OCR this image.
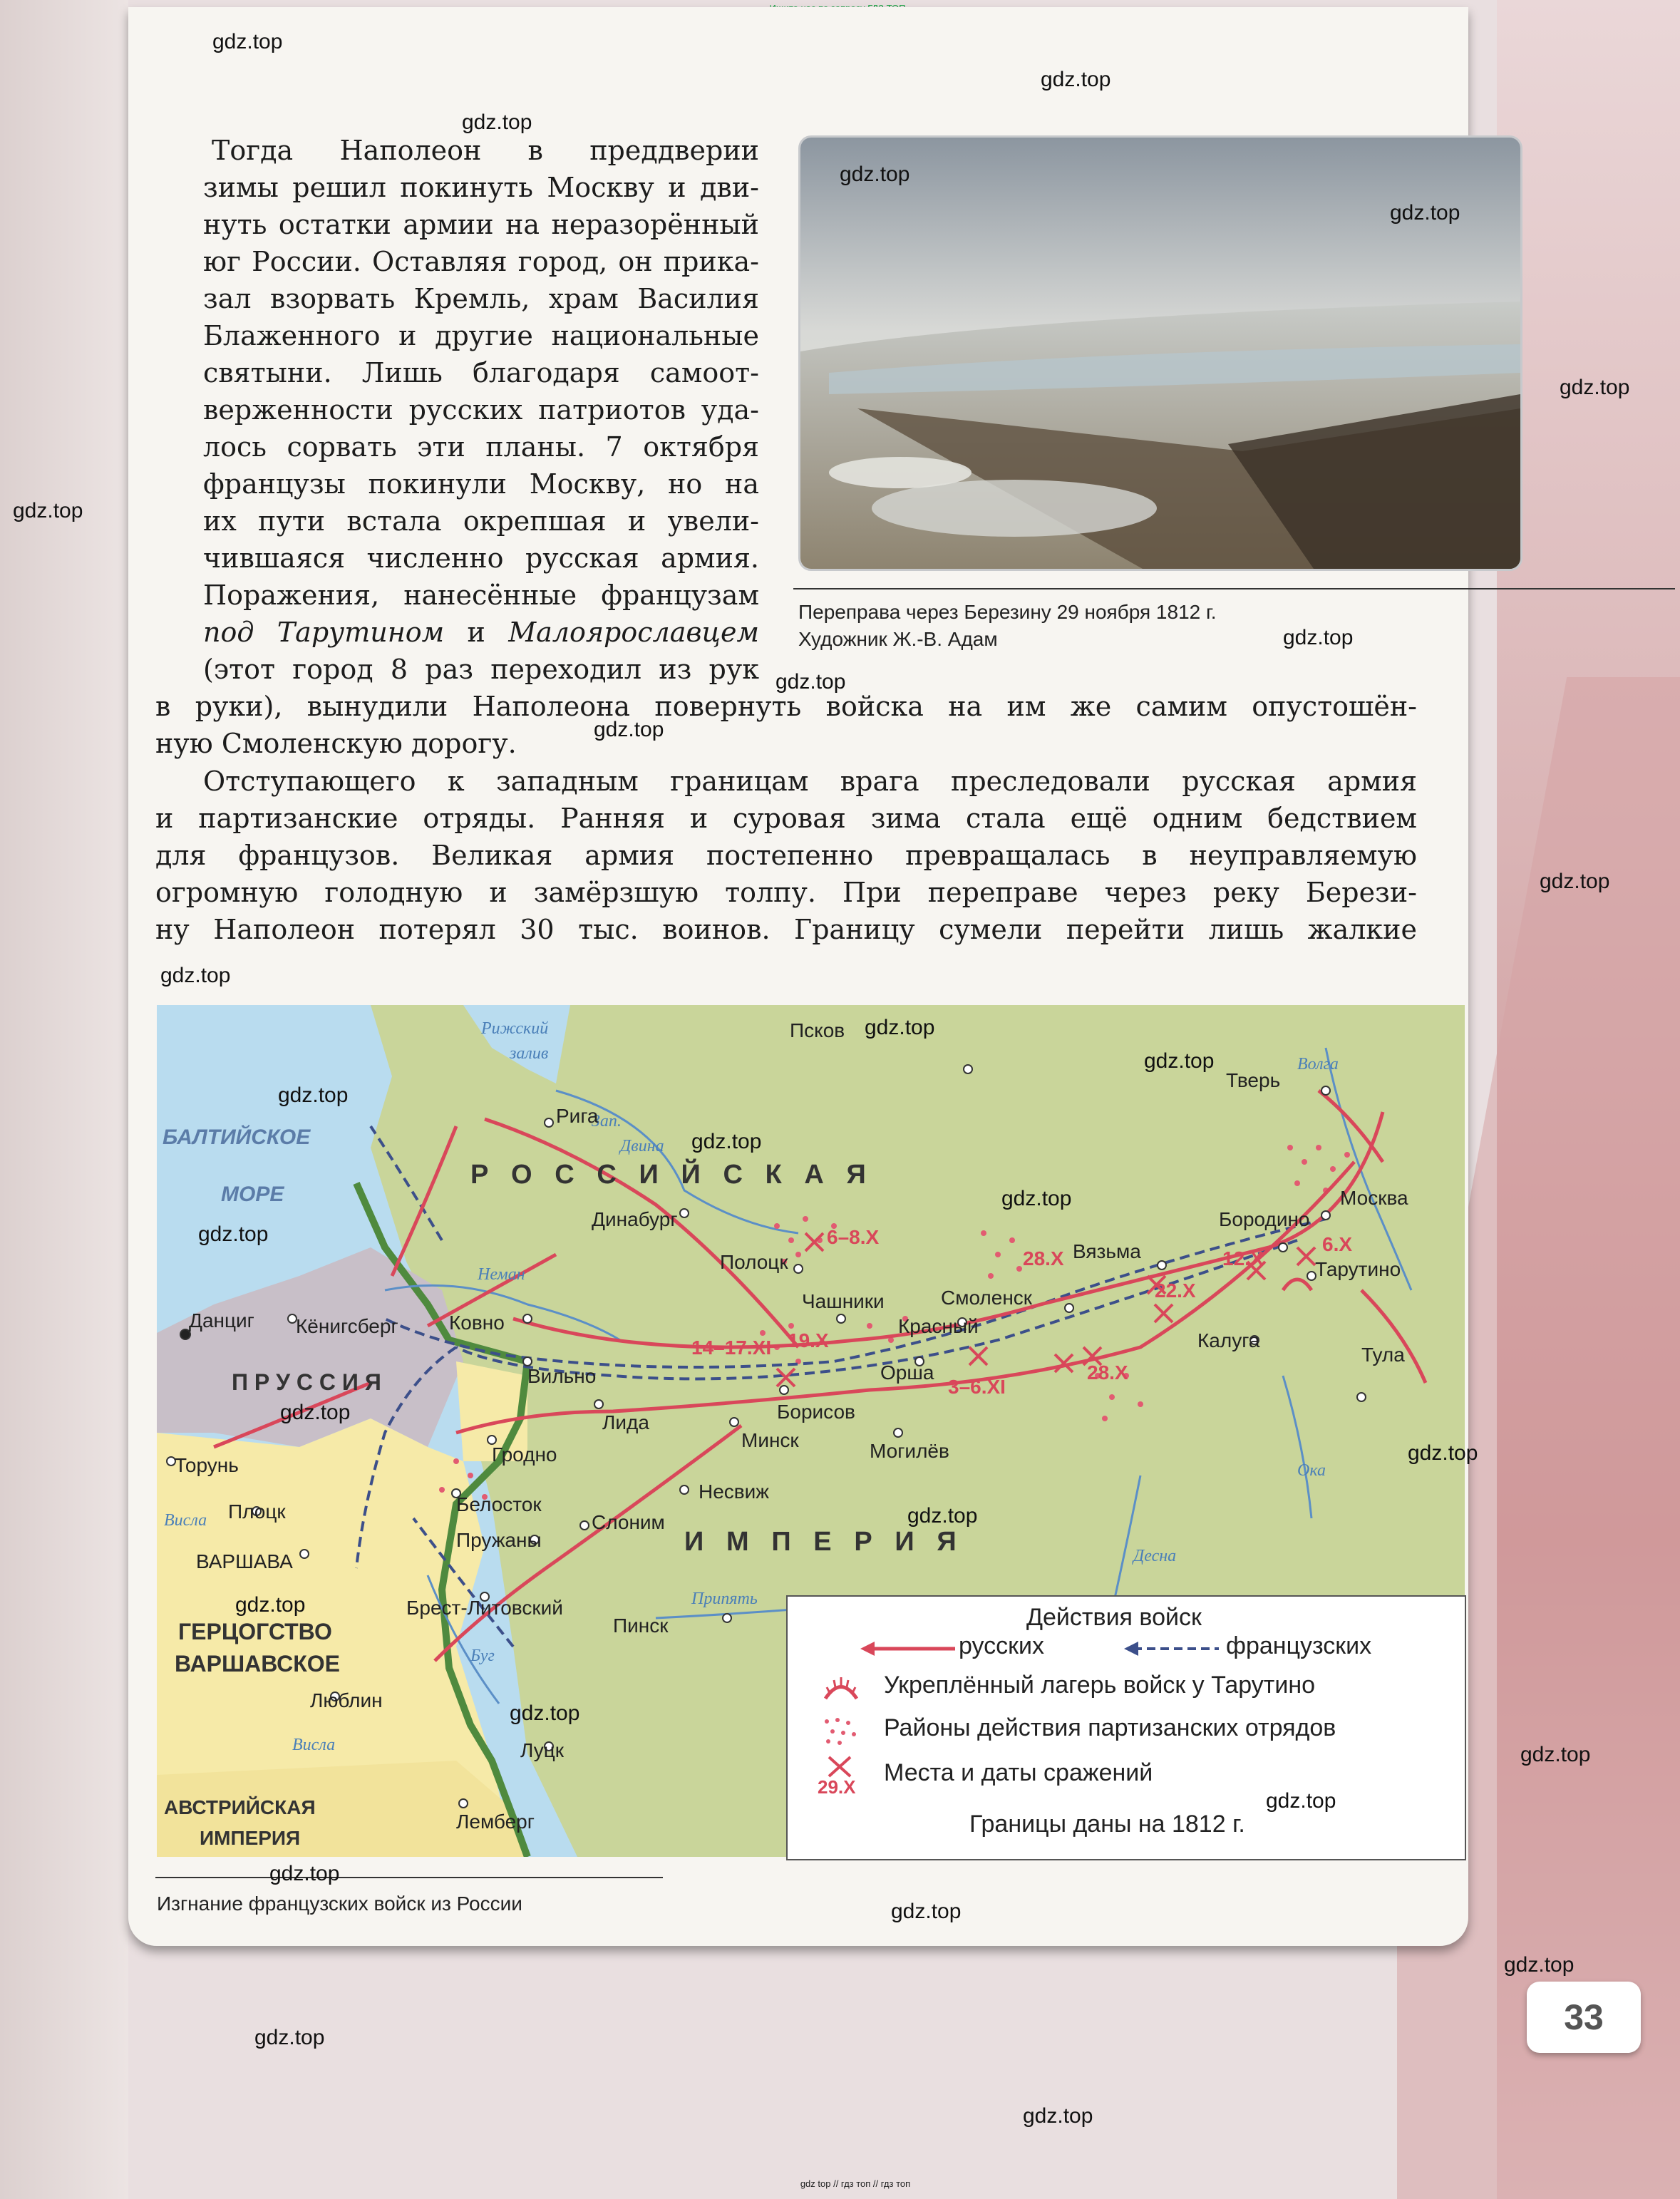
Тогда Наполеон в преддверии
зимы решил покинуть Москву и дви-
нуть остатки армии на неразорённый
юг России. Оставляя город, он прика-
зал взорвать Кремль, храм Василия
Блаженного и другие национальные
святыни. Лишь благодаря самоот-
верженности русских патриотов уда-
лось сорвать эти планы. 7 октября
французы покинули Москву, но на
их пути встала окрепшая и увели-
чившаяся численно русская армия.
Поражения, нанесённые французам
под Тарутином и Малоярославцем
(этот город 8 раз переходил из рук
в руки), вынудили Наполеона повернуть войска на им же самим опустошён-
ную Смоленскую дорогу.
Отступающего к западным границам врага преследовали русская армия
и партизанские отряды. Ранняя и суровая зима стала ещё одним бедствием
для французов. Великая армия постепенно превращалась в неуправляемую
огромную голодную и замёрзшую толпу. При переправе через реку Берези-
ну Наполеон потерял 30 тыс. воинов. Границу сумели перейти лишь жалкие
Переправа через Березину 29 ноября 1812 г.
Художник Ж.-В. Адам
БАЛТИЙСКОЕ
МОРЕ
П Р У С С И Я
ГЕРЦОГСТВО
ВАРШАВСКОЕ
АВСТРИЙСКАЯ
ИМПЕРИЯ
Р   О   С   С   И   Й   С   К   А   Я
И   М   П   Е   Р   И   Я
Рижский
залив
Зап.
Двина
Неман
Волга
Ока
Десна
Припять
Буг
Висла
Висла
Псков
Рига
Тверь
Москва
Бородино
Тарутино
Вязьма
Калуга
Тула
Смоленск
Красный
Чашники
Полоцк
Динабург
Орша
Борисов
Минск	Могилёв
Вильно
Ковно
Лида
Гродно
Несвиж
Слоним
Белосток
Пружаны
Брест-Литовский
Пинск
Луцк
Лемберг
Люблин
ВАРШАВА
Плоцк
Торунь
Данциг Кёнигсберг
6–8.X
28.X	12.X
6.X
22.X
14–17.XI 19.X
3–6.XI
28.X
Действия войск
русских	французских
Укреплённый лагерь войск у Тарутино
Районы действия партизанских отрядов
29.X
Места и даты сражений
Границы даны на 1812 г.
Изгнание французских войск из России
33
gdz.top
gdz.top
gdz.top
gdz.top
gdz.top
gdz.top
gdz.top
gdz.top
gdz.top
gdz.top
gdz.top
gdz.top
gdz.top
gdz.top
gdz.top
gdz.top
gdz.top
gdz.top
gdz.top
gdz.top
gdz.top
gdz.top
gdz.top
gdz.top
gdz.top
gdz.top
gdz.top
gdz.top
gdz.top
gdz.top
gdz top // гдз топ // гдз топ
